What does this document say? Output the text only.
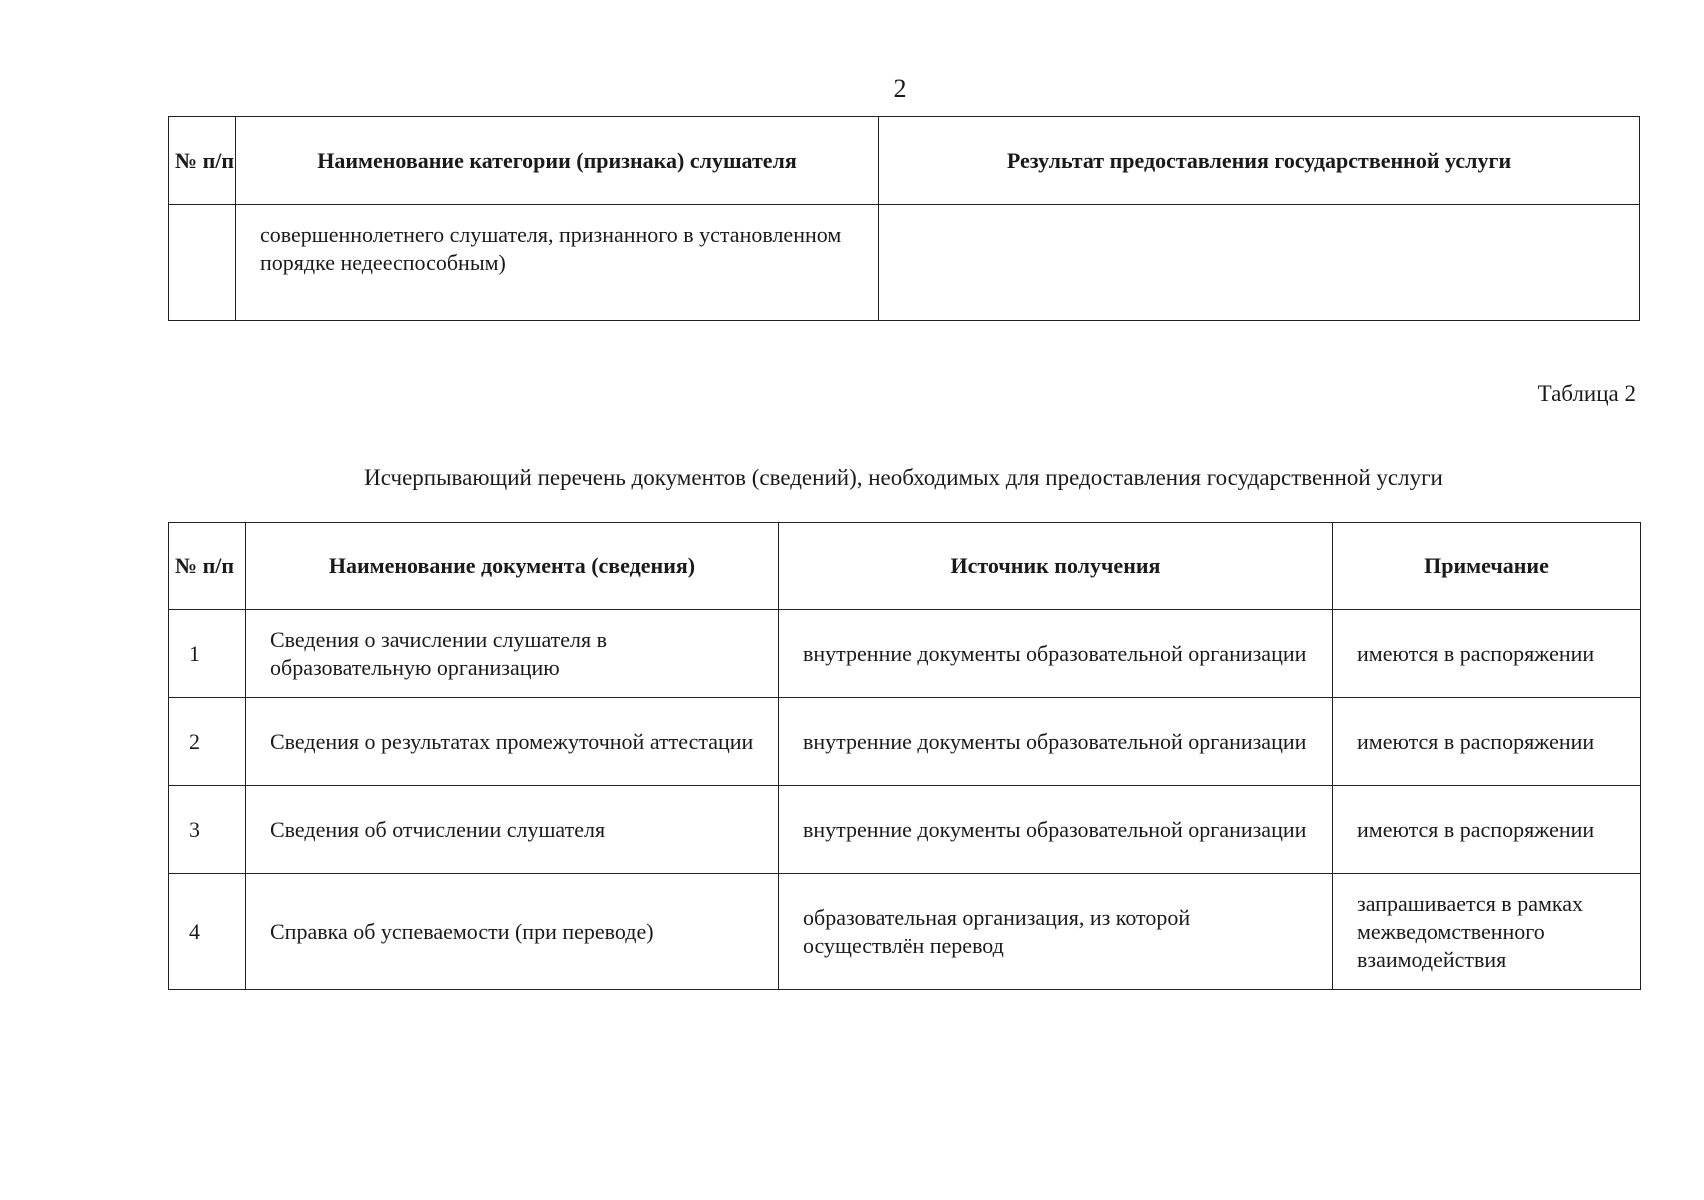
2
№ п/п	Наименование категории (признака) слушателя	Результат предоставления государственной услуги
	совершеннолетнего слушателя, признанного в установленном порядке недееспособным)	
Таблица 2
Исчерпывающий перечень документов (сведений), необходимых для предоставления государственной услуги
№ п/п	Наименование документа (сведения)	Источник получения	Примечание
1	Сведения о зачислении слушателя в образовательную организацию	внутренние документы образовательной организации	имеются в распоряжении
2	Сведения о результатах промежуточной аттестации	внутренние документы образовательной организации	имеются в распоряжении
3	Сведения об отчислении слушателя	внутренние документы образовательной организации	имеются в распоряжении
4	Справка об успеваемости (при переводе)	образовательная организация, из которой осуществлён перевод	запрашивается в рамках межведомственного взаимодействия
